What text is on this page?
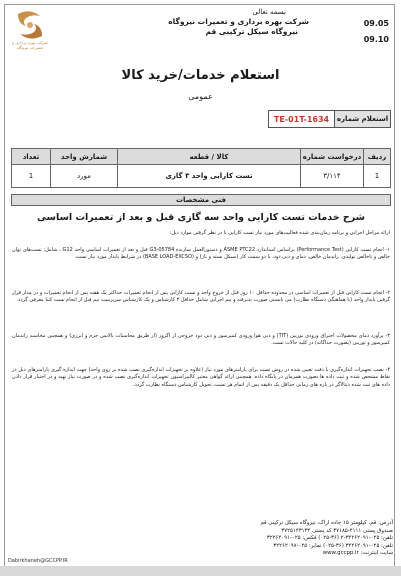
بسمه تعالی
شرکت بهره برداری و تعمیرات نیروگاه
نیروگاه سیکل ترکیبی قم
09.05
09.10
شرکت بهره برداری و تعمیرات نیروگاه
استعلام خدمات/خرید کالا
عمومی
TE-01T-1634	استعلام شماره
ردیف	درخواست شماره	کالا / قطعه	شمارش واحد	تعداد
1	۳/۱۱۴	تست کارایی واحد ۳ گازی	مورد	1
فنی مشخصات
شرح خدمات تست کارایی واحد سه گازی قبل و بعد از تعمیرات اساسی
ارائه مراحل اجرایی و برنامه زمان‌بندی شده فعالیت‌های مورد نیاز تست کارایی با در نظر گرفتن موارد ذیل:
۱- انجام تست کارایی (Performance Test) براساس استاندارد ASME PTC22 و دستورالعمل سازنده G3-05784 قبل و بعد از تعمیرات اساسی واحد G12 ، شامل: تست‌های توان خالص و ناخالص تولیدی، راندمان خالص، دمای و دبی دود، با دو سمت کار (سیکل بسته و باز) و (BASE LOAD-EXCSO) در شرایط پایدار مورد نیاز تست.
۲- انجام تست کارایی قبل از تعمیرات اساسی در محدوده حداقل ۱۰ روز قبل از خروج واحد و تست کارایی پس از انجام تعمیرات حداکثر یک هفته پس از انجام تعمیرات و در مدار قرار گرفتن پایدار واحد (با هماهنگی دستگاه نظارت) می بایستی صورت پذیرفته و تیم اجرایی شامل حداقل ۳ کارشناس و یک کارشناس سرپرست تیم قبل از انجام تست کتبا معرفی گردد.
۳- برآورد دمای محصولات احتراق ورودی توربین (TIT) و دبی هوا ورودی کمپرسور و دبی دود خروجی از اگزوز (از طریق محاسبات بالانس جرم و انرژی) و همچنین محاسبه راندمان کمپرسور و توربین (بصورت جداگانه) در کلیه حالات تست.
۴- نصب تجهیزات اندازه‌گیری با دقت تعیین شده در روش تست برای پارامترهای مورد نیاز (علاوه بر تجهیزات اندازه‌گیری نصب شده بر روی واحد) جهت اندازه گیری پارامترهای ذیل در نقاط مشخص شده و ثبت داده ها بصورت همزمان در پایگاه داده. همچنین ارائه گواهی معتبر کالیبراسیون تجهیزات اندازه‌گیری نصب شده و در صورت نیاز تهیه و در اختیار قرار دادن داده های ثبت شده دیتالاگر در بازه های زمانی حداقل یک دقیقه پس از اتمام هر تست، تحویل کارشناس دستگاه نظارت گردد.
آدرس: قم، کیلومتر ۱۵ جاده اراک، نیروگاه سیکل ترکیبی قم
صندوق پستی ۴۱۱۱-۳۷۱۸۵ کد پستی ۳۷۲۵۱۴۳۱۳۴
تلفن: ۰۲۵-۳۲۲۶۲۰۹۱-۲ (۳۶-۰۲۵) فکس: ۰۲۵-۳۲۲۶۲۰۹۱
تلفن: ۰۲۵-۳۲۲۶۲۰۹۱ (۳۶-۰۲۵) نمابر: ۰۲۵-۳۲۲۶۲۰۹۷
سایت اینترنت: www.gccpp.ir
Dabirkhaneh@GCCPP.IR
